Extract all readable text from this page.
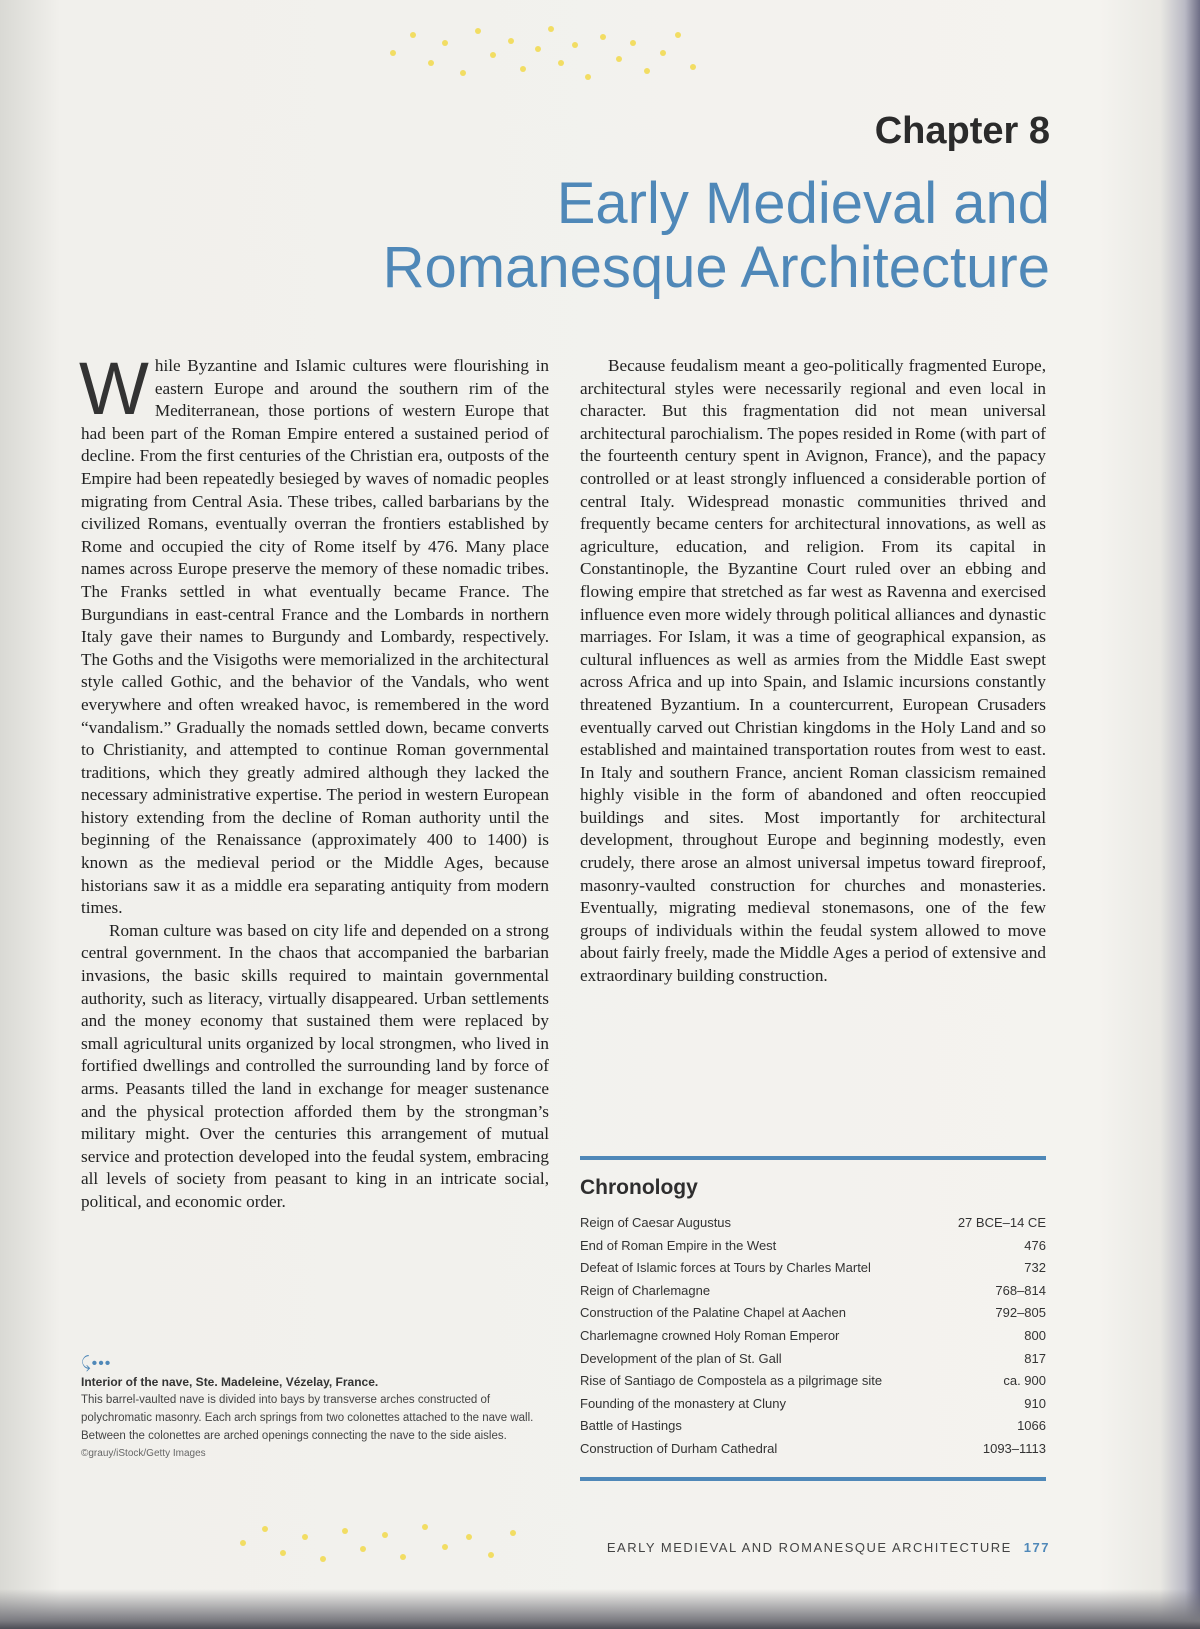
Chapter 8
Early Medieval and
Romanesque Architecture

While Byzantine and Islamic cultures were flourishing in eastern Europe and around the southern rim of the Mediterranean, those portions of western Europe that had been part of the Roman Empire entered a sustained period of decline. From the first centuries of the Christian era, outposts of the Empire had been repeatedly besieged by waves of nomadic peoples migrating from Central Asia. These tribes, called barbarians by the civilized Romans, eventually overran the frontiers established by Rome and occupied the city of Rome itself by 476. Many place names across Europe preserve the memory of these nomadic tribes. The Franks settled in what eventually became France. The Burgundians in east-central France and the Lombards in northern Italy gave their names to Burgundy and Lombardy, respectively. The Goths and the Visigoths were memorialized in the architectural style called Gothic, and the behavior of the Vandals, who went everywhere and often wreaked havoc, is remembered in the word “vandalism.” Gradually the nomads settled down, became converts to Christianity, and attempted to continue Roman governmental traditions, which they greatly admired although they lacked the necessary administrative expertise. The period in western European history extending from the decline of Roman authority until the beginning of the Renaissance (approximately 400 to 1400) is known as the medieval period or the Middle Ages, because historians saw it as a middle era separating antiquity from modern times.

Roman culture was based on city life and depended on a strong central government. In the chaos that accompanied the barbarian invasions, the basic skills required to maintain governmental authority, such as literacy, virtually disappeared. Urban settlements and the money economy that sustained them were replaced by small agricultural units organized by local strongmen, who lived in fortified dwellings and controlled the surrounding land by force of arms. Peasants tilled the land in exchange for meager sustenance and the physical protection afforded them by the strongman’s military might. Over the centuries this arrangement of mutual service and protection developed into the feudal system, embracing all levels of society from peasant to king in an intricate social, political, and economic order.

Because feudalism meant a geo-politically fragmented Europe, architectural styles were necessarily regional and even local in character. But this fragmentation did not mean universal architectural parochialism. The popes resided in Rome (with part of the fourteenth century spent in Avignon, France), and the papacy controlled or at least strongly influenced a considerable portion of central Italy. Widespread monastic communities thrived and frequently became centers for architectural innovations, as well as agriculture, education, and religion. From its capital in Constantinople, the Byzantine Court ruled over an ebbing and flowing empire that stretched as far west as Ravenna and exercised influence even more widely through political alliances and dynastic marriages. For Islam, it was a time of geographical expansion, as cultural influences as well as armies from the Middle East swept across Africa and up into Spain, and Islamic incursions constantly threatened Byzantium. In a countercurrent, European Crusaders eventually carved out Christian kingdoms in the Holy Land and so established and maintained transportation routes from west to east. In Italy and southern France, ancient Roman classicism remained highly visible in the form of abandoned and often reoccupied buildings and sites. Most importantly for architectural development, throughout Europe and beginning modestly, even crudely, there arose an almost universal impetus toward fireproof, masonry-vaulted construction for churches and monasteries. Eventually, migrating medieval stonemasons, one of the few groups of individuals within the feudal system allowed to move about fairly freely, made the Middle Ages a period of extensive and extraordinary building construction.

⤹•••
Interior of the nave, Ste. Madeleine, Vézelay, France.
This barrel-vaulted nave is divided into bays by transverse arches constructed of polychromatic masonry. Each arch springs from two colonettes attached to the nave wall. Between the colonettes are arched openings connecting the nave to the side aisles.
©grauy/iStock/Getty Images
Chronology
Reign of Caesar Augustus	27 BCE–14 CE
End of Roman Empire in the West	476
Defeat of Islamic forces at Tours by Charles Martel	732
Reign of Charlemagne	768–814
Construction of the Palatine Chapel at Aachen	792–805
Charlemagne crowned Holy Roman Emperor	800
Development of the plan of St. Gall	817
Rise of Santiago de Compostela as a pilgrimage site	ca. 900
Founding of the monastery at Cluny	910
Battle of Hastings	1066
Construction of Durham Cathedral	1093–1113
EARLY MEDIEVAL AND ROMANESQUE ARCHITECTURE 177
